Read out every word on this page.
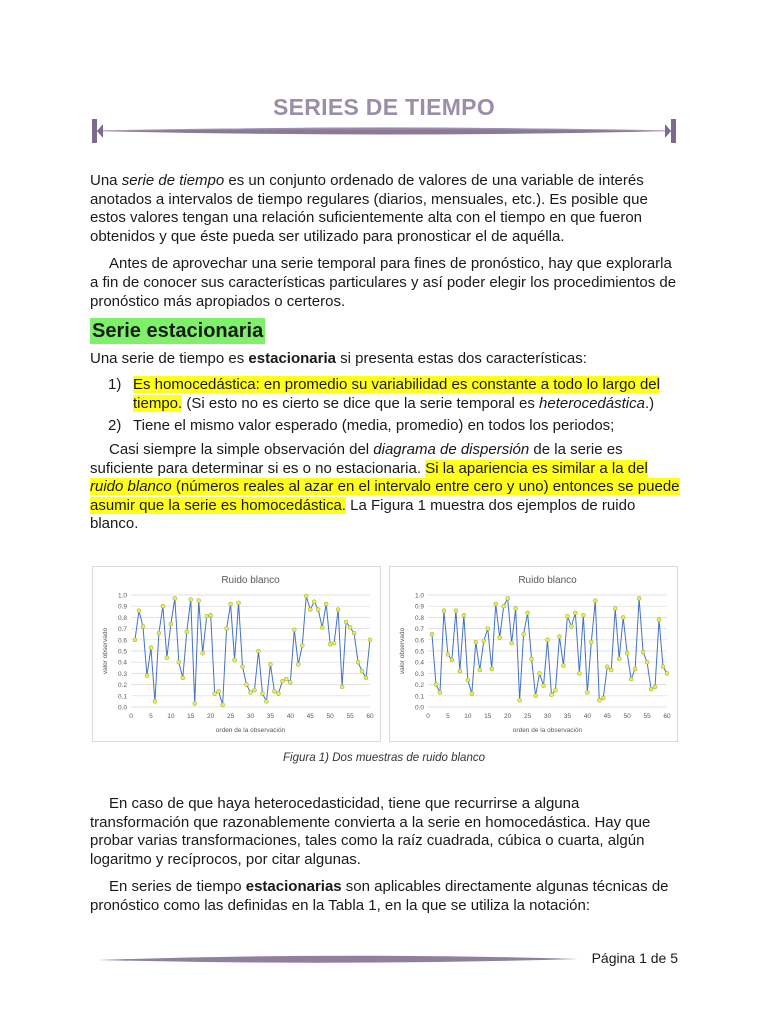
SERIES DE TIEMPO

Una serie de tiempo es un conjunto ordenado de valores de una variable de interés anotados a intervalos de tiempo regulares (diarios, mensuales, etc.). Es posible que estos valores tengan una relación suficientemente alta con el tiempo en que fueron obtenidos y que éste pueda ser utilizado para pronosticar el de aquélla.

Antes de aprovechar una serie temporal para fines de pronóstico, hay que explorarla a fin de conocer sus características particulares y así poder elegir los procedimientos de pronóstico más apropiados o certeros.

Serie estacionaria

Una serie de tiempo es estacionaria si presenta estas dos características:

1) Es homocedástica: en promedio su variabilidad es constante a todo lo largo del tiempo. (Si esto no es cierto se dice que la serie temporal es heterocedástica.)
2) Tiene el mismo valor esperado (media, promedio) en todos los periodos;

Casi siempre la simple observación del diagrama de dispersión de la serie es suficiente para determinar si es o no estacionaria. Si la apariencia es similar a la del ruido blanco (números reales al azar en el intervalo entre cero y uno) entonces se puede asumir que la serie es homocedástica. La Figura 1 muestra dos ejemplos de ruido blanco.

Ruido blanco
0.0
0.1
0.2
0.3
0.4
0.5
0.6
0.7
0.8
0.9
1.0
0	5 10 15 20 25 30 35 40 45 50 55 60
orden de la observación
valor observado
Ruido blanco
0.0
0.1
0.2
0.3
0.4
0.5
0.6
0.7
0.8
0.9
1.0
0	5 10 15 20 25 30 35 40 45 50 55 60
orden de la observación
valor observado
Figura 1) Dos muestras de ruido blanco

En caso de que haya heterocedasticidad, tiene que recurrirse a alguna transformación que razonablemente convierta a la serie en homocedástica. Hay que probar varias transformaciones, tales como la raíz cuadrada, cúbica o cuarta, algún logaritmo y recíprocos, por citar algunas.

En series de tiempo estacionarias son aplicables directamente algunas técnicas de pronóstico como las definidas en la Tabla 1, en la que se utiliza la notación:

Página 1 de 5
